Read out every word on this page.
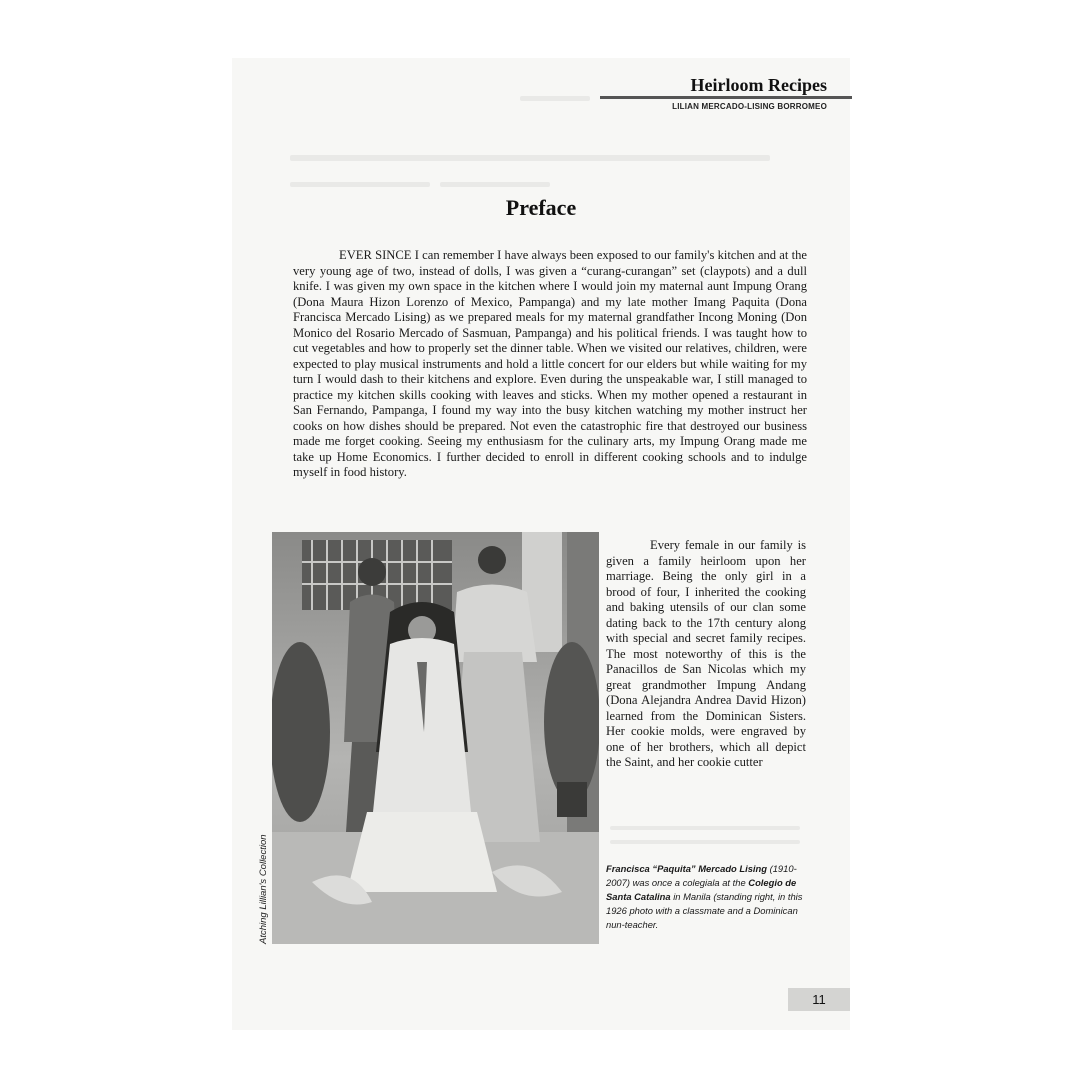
Heirloom Recipes
LILIAN MERCADO-LISING BORROMEO
Preface

EVER SINCE I can remember I have always been exposed to our family's kitchen and at the very young age of two, instead of dolls, I was given a “curang-curangan” set (claypots) and a dull knife. I was given my own space in the kitchen where I would join my maternal aunt Impung Orang (Dona Maura Hizon Lorenzo of Mexico, Pampanga) and my late mother Imang Paquita (Dona Francisca Mercado Lising) as we prepared meals for my maternal grandfather Incong Moning (Don Monico del Rosario Mercado of Sasmuan, Pampanga) and his political friends. I was taught how to cut vegetables and how to properly set the dinner table. When we visited our relatives, children, were expected to play musical instruments and hold a little concert for our elders but while waiting for my turn I would dash to their kitchens and explore. Even during the unspeakable war, I still managed to practice my kitchen skills cooking with leaves and sticks. When my mother opened a restaurant in San Fernando, Pampanga, I found my way into the busy kitchen watching my mother instruct her cooks on how dishes should be prepared. Not even the catastrophic fire that destroyed our business made me forget cooking. Seeing my enthusiasm for the culinary arts, my Impung Orang made me take up Home Economics. I further decided to enroll in different cooking schools and to indulge myself in food history.

Every female in our family is given a family heirloom upon her marriage. Being the only girl in a brood of four, I inherited the cooking and baking utensils of our clan some dating back to the 17th century along with special and secret family recipes. The most noteworthy of this is the Panacillos de San Nicolas which my great grandmother Impung Andang (Dona Alejandra Andrea David Hizon) learned from the Dominican Sisters. Her cookie molds, were engraved by one of her brothers, which all depict the Saint, and her cookie cutter

Francisca “Paquita” Mercado Lising (1910-2007) was once a colegiala at the Colegio de Santa Catalina in Manila (standing right, in this 1926 photo with a classmate and a Dominican nun-teacher.
Atching Lillian's Collection
11
